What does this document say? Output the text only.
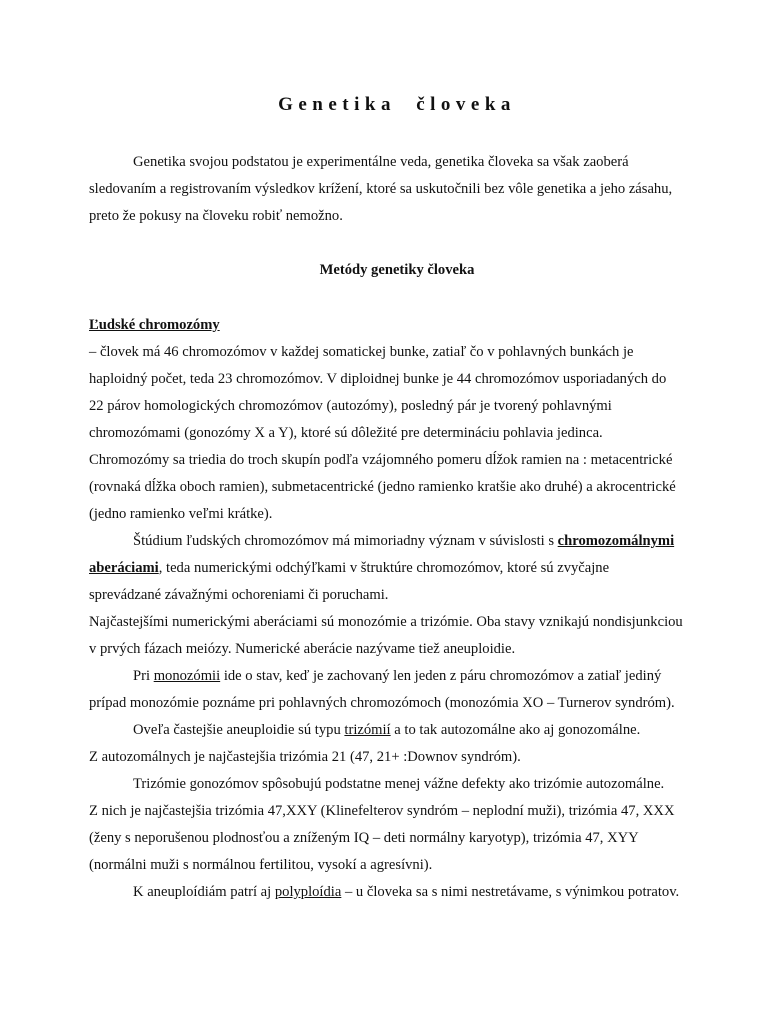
Genetika človeka

Genetika svojou podstatou je experimentálne veda, genetika človeka sa však zaoberá
sledovaním a registrovaním výsledkov krížení, ktoré sa uskutočnili bez vôle genetika a jeho zásahu,
preto že pokusy na človeku robiť nemožno.

Metódy genetiky človeka

Ľudské chromozómy

– človek má 46 chromozómov v každej somatickej bunke, zatiaľ čo v pohlavných bunkách je
haploidný počet, teda 23 chromozómov. V diploidnej bunke je 44 chromozómov usporiadaných do
22 párov homologických chromozómov (autozómy), posledný pár je tvorený pohlavnými
chromozómami (gonozómy X a Y), ktoré sú dôležité pre determináciu pohlavia jedinca.
Chromozómy sa triedia do troch skupín podľa vzájomného pomeru dĺžok ramien na : metacentrické
(rovnaká dĺžka oboch ramien), submetacentrické (jedno ramienko kratšie ako druhé) a akrocentrické
(jedno ramienko veľmi krátke).

Štúdium ľudských chromozómov má mimoriadny význam v súvislosti s chromozomálnymi
aberáciami, teda numerickými odchýľkami v štruktúre chromozómov, ktoré sú zvyčajne
sprevádzané závažnými ochoreniami či poruchami.

Najčastejšími numerickými aberáciami sú monozómie a trizómie. Oba stavy vznikajú nondisjunkciou
v prvých fázach meiózy. Numerické aberácie nazývame tiež aneuploidie.

Pri monozómii ide o stav, keď je zachovaný len jeden z páru chromozómov a zatiaľ jediný
prípad monozómie poznáme pri pohlavných chromozómoch (monozómia XO – Turnerov syndróm).

Oveľa častejšie aneuploidie sú typu trizómií a to tak autozomálne ako aj gonozomálne.
Z autozomálnych je najčastejšia trizómia 21 (47, 21+ :Downov syndróm).

Trizómie gonozómov spôsobujú podstatne menej vážne defekty ako trizómie autozomálne.
Z nich je najčastejšia trizómia 47,XXY (Klinefelterov syndróm – neplodní muži), trizómia 47, XXX
(ženy s neporušenou plodnosťou a zníženým IQ – deti normálny karyotyp), trizómia 47, XYY
(normálni muži s normálnou fertilitou, vysokí a agresívni).

K aneuploídiám patrí aj polyploídia – u človeka sa s nimi nestretávame, s výnimkou potratov.
